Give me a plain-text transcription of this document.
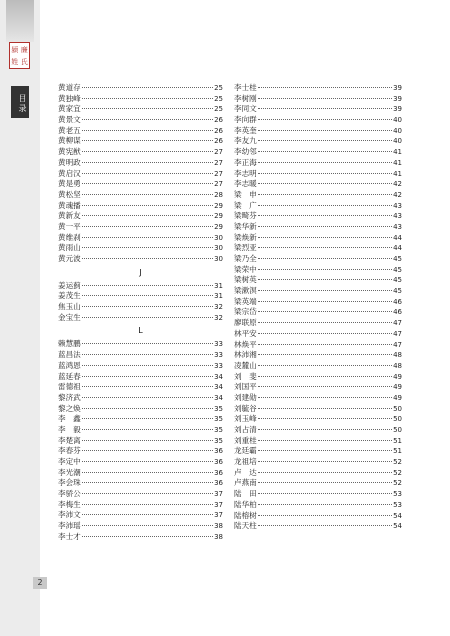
颍 廉
姓 氏
目录
2
黄道存	25
黄独峰	25
黄家宜	25
黄景文	26
黄老五	26
黄柳谋	26
黄宪猷	27
黄明政	27
黄启汉	27
黄是勇	27
黄松坚	28
黄魂播	29
黄新友	29
黄一平	29
黄维刹	30
黄雨山	30
黄元波	30
J
姜运蓟	31
姜茂生	31
焦玉山	32
金宝生	32
L
赖慧鹏	33
蓝昌法	33
蓝鸿恩	33
蓝延春	34
雷德祖	34
黎济武	34
黎之焕	35
李　鑫	35
李　毅	35
李楚离	35
李春芬	36
李定中	36
李光潮	36
李会珠	36
李骄公	37
李梅生	37
李沛文	37
李沛瑶	38
李士才	38
李士桂	39
李树刚	39
李同文	39
李向群	40
李英奎	40
李友九	40
李幼邻	41
李正海	41
李志明	41
李志暖	42
梁　申	42
梁　广	43
梁畸芬	43
梁华新	43
梁焕新	44
梁烈亚	44
梁乃全	45
梁荣中	45
梁树英	45
梁漱溟	45
梁英端	46
梁宗岱	46
廖联原	47
林平安	47
林焕平	47
林沛湘	48
凌麓山	48
刘　斐	49
刘国平	49
刘建勋	49
刘毓谷	50
刘玉峰	50
刘占清	50
刘重桂	51
龙廷霸	51
龙祖培	52
卢　达	52
卢燕南	52
陆　田	53
陆华柏	53
陆榕树	54
陆天柱	54
